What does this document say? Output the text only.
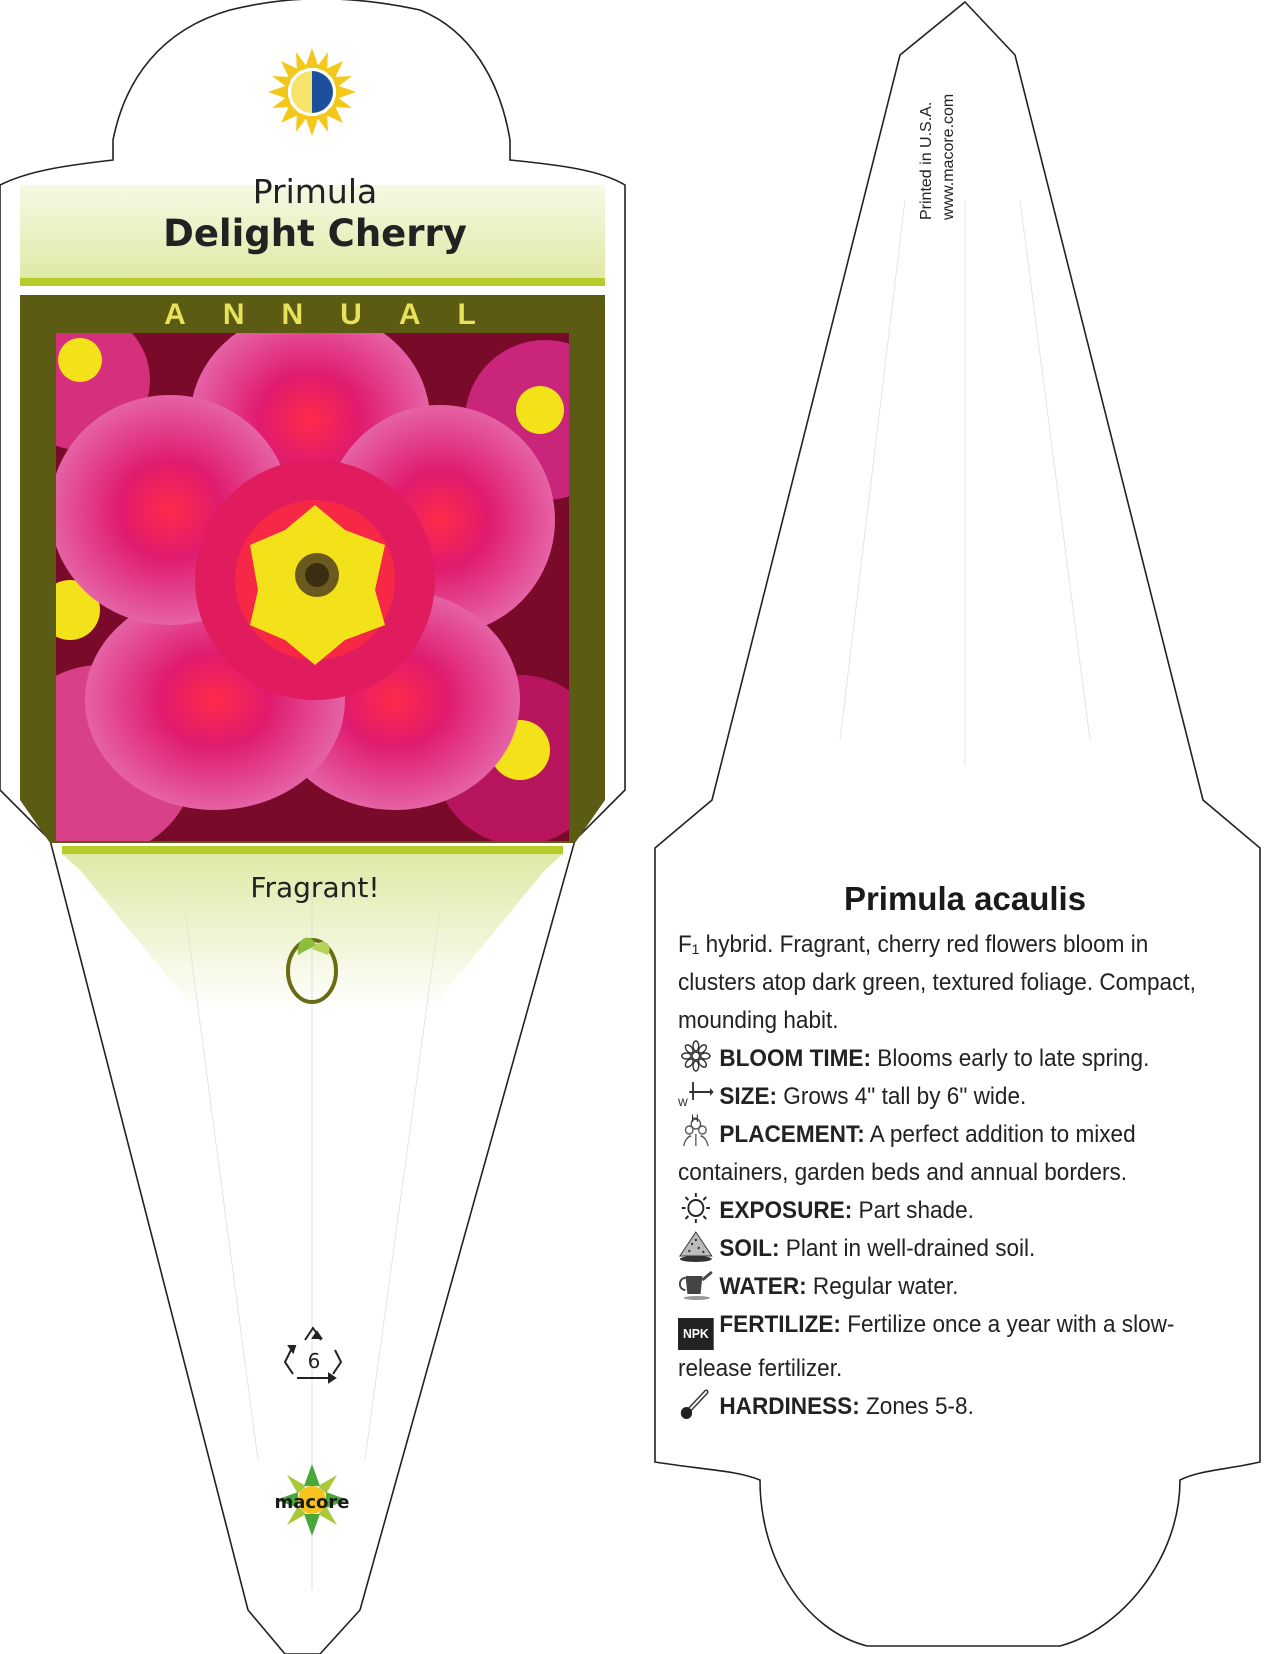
Primula
Delight Cherry
ANNUAL
Fragrant!
6
macore
Printed in U.S.A. www.macore.com
Primula acaulis

F₁ hybrid. Fragrant, cherry red flowers bloom in clusters atop dark green, textured foliage. Compact, mounding habit.

BLOOM TIME: Blooms early to late spring.

W
H
SIZE: Grows 4" tall by 6" wide.

PLACEMENT: A perfect addition to mixed containers, garden beds and annual borders.

EXPOSURE: Part shade.

SOIL: Plant in well-drained soil.

WATER: Regular water.

NPK FERTILIZE: Fertilize once a year with a slow-release fertilizer.

HARDINESS: Zones 5-8.
